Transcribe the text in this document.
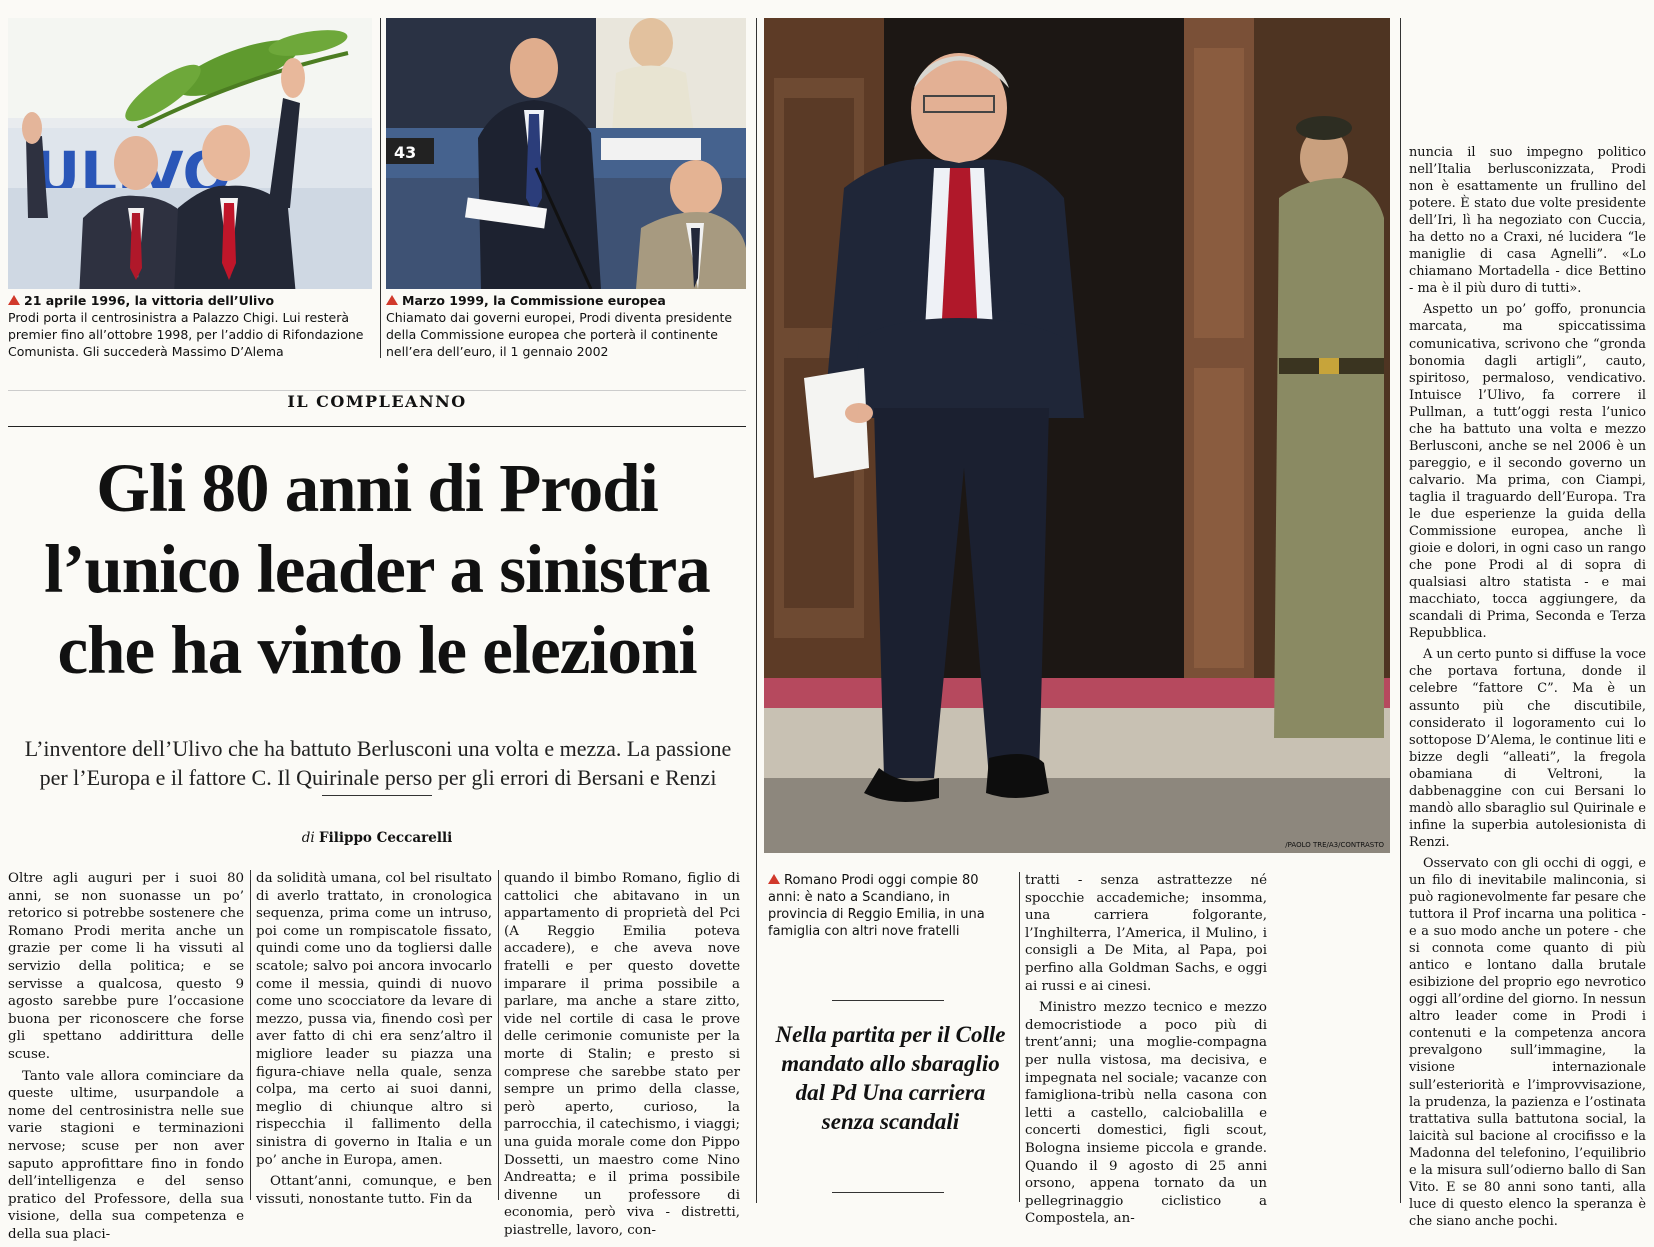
21 aprile 1996, la vittoria dell’Ulivo
Prodi porta il centrosinistra a Palazzo Chigi. Lui resterà premier fino all’ottobre 1998, per l’addio di Rifondazione Comunista. Gli succederà Massimo D’Alema
43
Marzo 1999, la Commissione europea
Chiamato dai governi europei, Prodi diventa presidente della Commissione europea che porterà il continente nell’era dell’euro, il 1 gennaio 2002
IL COMPLEANNO
Gli 80 anni di Prodi
l’unico leader a sinistra
che ha vinto le elezioni
L’inventore dell’Ulivo che ha battuto Berlusconi una volta e mezza. La passione per l’Europa e il fattore C. Il Quirinale perso per gli errori di Bersani e Renzi
di Filippo Ceccarelli

Oltre agli auguri per i suoi 80 anni, se non suonasse un po’ retorico si potrebbe sostenere che Romano Prodi merita anche un grazie per come li ha vissuti al servizio della politica; e se servisse a qualcosa, questo 9 agosto sarebbe pure l’occasione buona per riconoscere che forse gli spettano addirittura delle scuse.

Tanto vale allora cominciare da queste ultime, usurpandole a nome del centrosinistra nelle sue varie stagioni e terminazioni nervose; scuse per non aver saputo approfittare fino in fondo dell’intelligenza e del senso pratico del Professore, della sua visione, della sua competenza e della sua placi-

da solidità umana, col bel risultato di averlo trattato, in cronologica sequenza, prima come un intruso, poi come un rompiscatole fissato, quindi come uno da togliersi dalle scatole; salvo poi ancora invocarlo come il messia, quindi di nuovo come uno scocciatore da levare di mezzo, pussa via, finendo così per aver fatto di chi era senz’altro il migliore leader su piazza una figura-chiave nella quale, senza colpa, ma certo ai suoi danni, meglio di chiunque altro si rispecchia il fallimento della sinistra di governo in Italia e un po’ anche in Europa, amen.

Ottant’anni, comunque, e ben vissuti, nonostante tutto. Fin da

quando il bimbo Romano, figlio di cattolici che abitavano in un appartamento di proprietà del Pci (A Reggio Emilia poteva accadere), e che aveva nove fratelli e per questo dovette imparare il prima possibile a parlare, ma anche a stare zitto, vide nel cortile di casa le prove delle cerimonie comuniste per la morte di Stalin; e presto si comprese che sarebbe stato per sempre un primo della classe, però aperto, curioso, la parrocchia, il catechismo, i viaggi; una guida morale come don Pippo Dossetti, un maestro come Nino Andreatta; e il prima possibile divenne un professore di economia, però viva - distretti, piastrelle, lavoro, con-

/PAOLO TRE/A3/CONTRASTO
Romano Prodi oggi compie 80 anni: è nato a Scandiano, in provincia di Reggio Emilia, in una famiglia con altri nove fratelli
Nella partita per il Colle mandato allo sbaraglio dal Pd Una carriera senza scandali

tratti - senza astrattezze né spocchie accademiche; insomma, una carriera folgorante, l’Inghilterra, l’America, il Mulino, i consigli a De Mita, al Papa, poi perfino alla Goldman Sachs, e oggi ai russi e ai cinesi.

Ministro mezzo tecnico e mezzo democristiode a poco più di trent’anni; una moglie-compagna per nulla vistosa, ma decisiva, e impegnata nel sociale; vacanze con famigliona-tribù nella casona con letti a castello, calciobalilla e concerti domestici, figli scout, Bologna insieme piccola e grande. Quando il 9 agosto di 25 anni orsono, appena tornato da un pellegrinaggio ciclistico a Compostela, an-

nuncia il suo impegno politico nell’Italia berlusconizzata, Prodi non è esattamente un frullino del potere. È stato due volte presidente dell’Iri, lì ha negoziato con Cuccia, ha detto no a Craxi, né lucidera “le maniglie di casa Agnelli”. «Lo chiamano Mortadella - dice Bettino - ma è il più duro di tutti».

Aspetto un po’ goffo, pronuncia marcata, ma spiccatissima comunicativa, scrivono che “gronda bonomia dagli artigli”, cauto, spiritoso, permaloso, vendicativo. Intuisce l’Ulivo, fa correre il Pullman, a tutt’oggi resta l’unico che ha battuto una volta e mezzo Berlusconi, anche se nel 2006 è un pareggio, e il secondo governo un calvario. Ma prima, con Ciampi, taglia il traguardo dell’Europa. Tra le due esperienze la guida della Commissione europea, anche lì gioie e dolori, in ogni caso un rango che pone Prodi al di sopra di qualsiasi altro statista - e mai macchiato, tocca aggiungere, da scandali di Prima, Seconda e Terza Repubblica.

A un certo punto si diffuse la voce che portava fortuna, donde il celebre “fattore C”. Ma è un assunto più che discutibile, considerato il logoramento cui lo sottopose D’Alema, le continue liti e bizze degli “alleati”, la fregola obamiana di Veltroni, la dabbenaggine con cui Bersani lo mandò allo sbaraglio sul Quirinale e infine la superbia autolesionista di Renzi.

Osservato con gli occhi di oggi, e un filo di inevitabile malinconia, si può ragionevolmente far pesare che tuttora il Prof incarna una politica - e a suo modo anche un potere - che si connota come quanto di più antico e lontano dalla brutale esibizione del proprio ego nevrotico oggi all’ordine del giorno. In nessun altro leader come in Prodi i contenuti e la competenza ancora prevalgono sull’immagine, la visione internazionale sull’esteriorità e l’improvvisazione, la prudenza, la pazienza e l’ostinata trattativa sulla battutona social, la laicità sul bacione al crocifisso e la Madonna del telefonino, l’equilibrio e la misura sull’odierno ballo di San Vito. E se 80 anni sono tanti, alla luce di questo elenco la speranza è che siano anche pochi.
